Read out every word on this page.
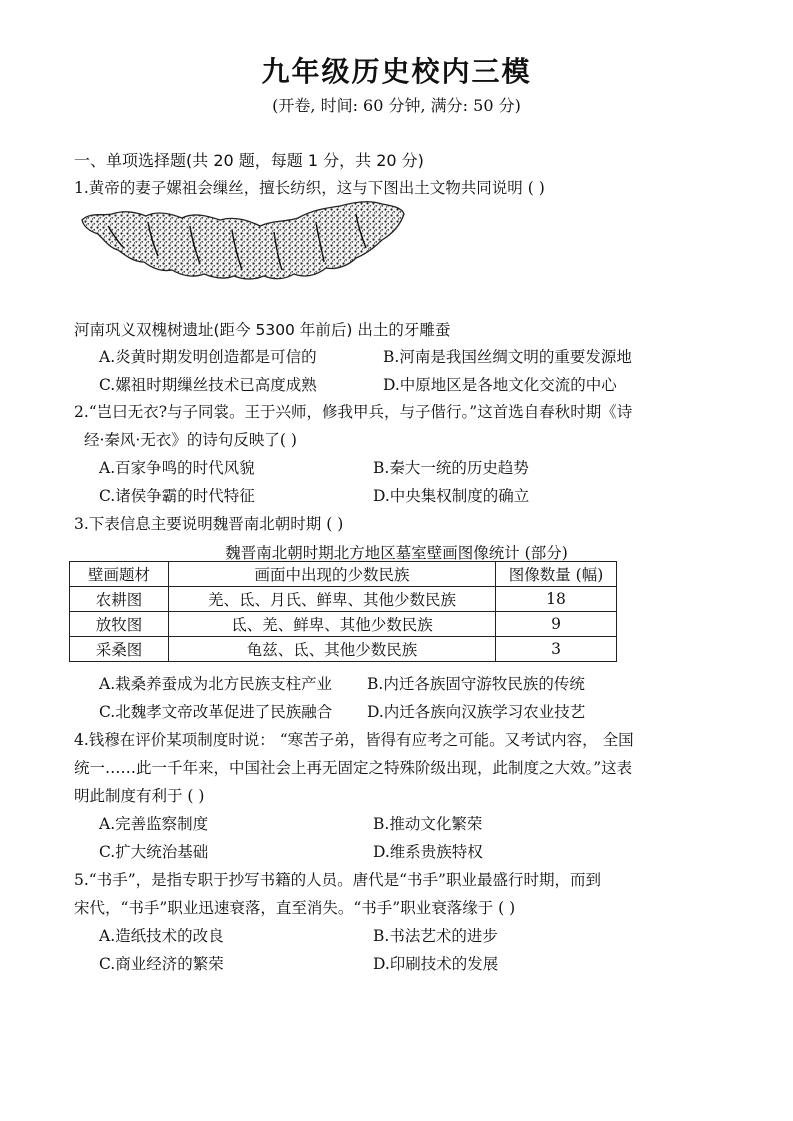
九年级历史校内三模
(开卷, 时间: 60 分钟, 满分: 50 分)
一、单项选择题(共 20 题，每题 1 分，共 20 分)
1.黄帝的妻子嫘祖会缫丝，擅长纺织，这与下图出土文物共同说明 ( )
河南巩义双槐树遗址(距今 5300 年前后) 出土的牙雕蚕
A.炎黄时期发明创造都是可信的	B.河南是我国丝绸文明的重要发源地
C.嫘祖时期缫丝技术已高度成熟	D.中原地区是各地文化交流的中心
2.“岂曰无衣?与子同裳。王于兴师，修我甲兵，与子偕行。”这首选自春秋时期《诗
经·秦风·无衣》的诗句反映了( )
A.百家争鸣的时代风貌	B.秦大一统的历史趋势
C.诸侯争霸的时代特征	D.中央集权制度的确立
3.下表信息主要说明魏晋南北朝时期 ( )
魏晋南北朝时期北方地区墓室壁画图像统计 (部分)
壁画题材	画面中出现的少数民族	图像数量 (幅)
农耕图	羌、氐、月氏、鲜卑、其他少数民族	18
放牧图	氐、羌、鲜卑、其他少数民族	9
采桑图	龟兹、氐、其他少数民族	3
A.栽桑养蚕成为北方民族支柱产业 B.内迁各族固守游牧民族的传统
C.北魏孝文帝改革促进了民族融合 D.内迁各族向汉族学习农业技艺
4.钱穆在评价某项制度时说： “寒苦子弟，皆得有应考之可能。又考试内容， 全国
统一……此一千年来，中国社会上再无固定之特殊阶级出现，此制度之大效。”这表
明此制度有利于 ( )
A.完善监察制度	B.推动文化繁荣
C.扩大统治基础	D.维系贵族特权
5.“书手”，是指专职于抄写书籍的人员。唐代是“书手”职业最盛行时期，而到
宋代，“书手”职业迅速衰落，直至消失。“书手”职业衰落缘于 ( )
A.造纸技术的改良	B.书法艺术的进步
C.商业经济的繁荣	D.印刷技术的发展
